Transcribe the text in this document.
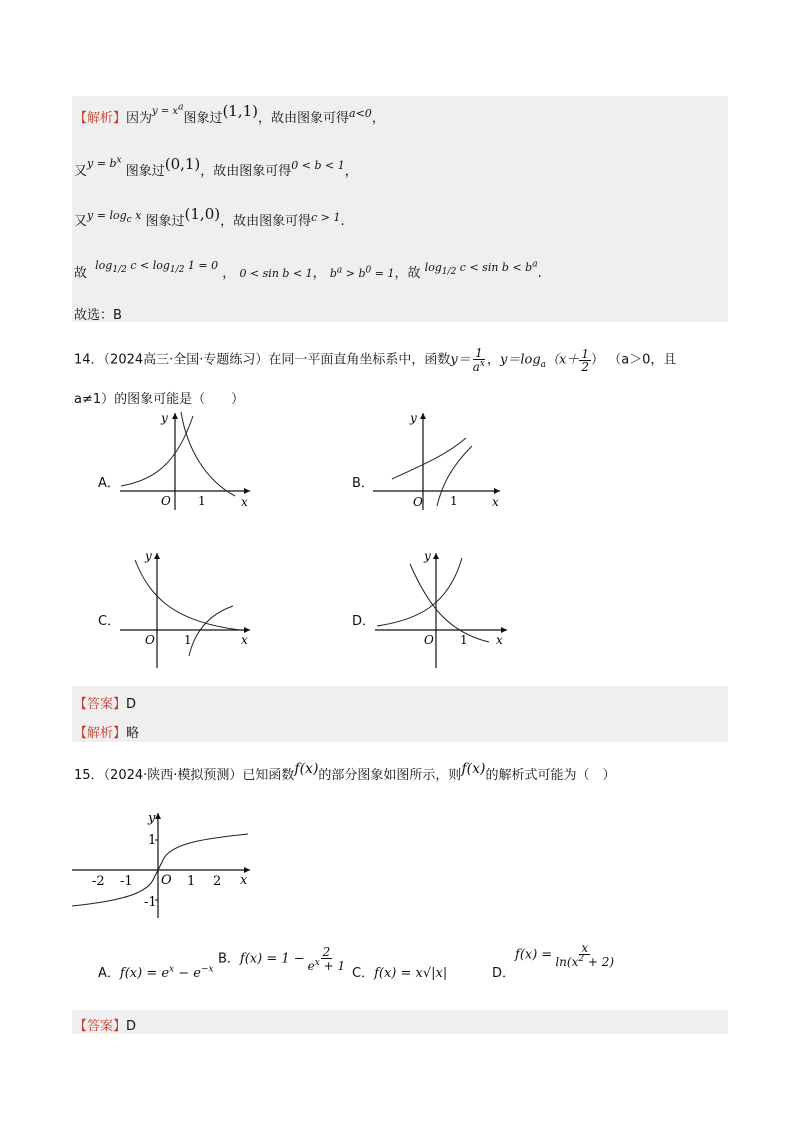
【解析】因为$^{y = x^a}$图象过(1,1)，故由图象可得$^{a<0}$，
又$^{y = b^x}$ 图象过(0,1)，故由图象可得$^{0 < b < 1}$，
又$^{y = log_c x}$ 图象过(1,0)，故由图象可得$^{c > 1}$.
故 $^{log_{1/2} c < log_{1/2} 1 = 0}$ ， 0 < sin b < 1， $b^a > b^0 = 1$，故 $^{log_{1/2} c < sin b < b^a}$.
故选：B
14．（2024高三·全国·专题练习）在同一平面直角坐标系中，函数$y= \frac{1}{a^x}$ ，$y=\log_a(x+ \frac{1}{2}$ ） （a＞0，且
a≠1）的图象可能是（　　）
A．	B．
C．	D．
y
x
O 1
y
x
O 1
y
x
O 1
y
x
O 1
【答案】D
【解析】略
15．（2024·陕西·模拟预测）已知函数f(x)的部分图象如图所示，则f(x)的解析式可能为（　）
y
x
O
-2 -1	1 2
1
-1
A．$f(x) = e^x - e^{-x}$
B．$f(x) = 1 - \frac{2}{e^x + 1}$
C．f(x) = x√|x|	D．$f(x) = \frac{x}{\ln(x^2 + 2)}$
【答案】D
